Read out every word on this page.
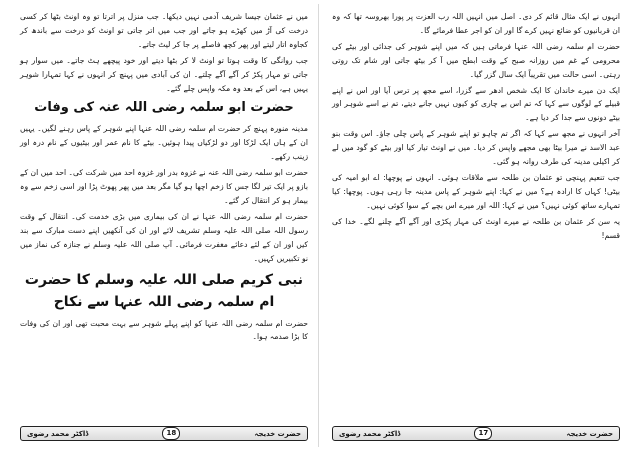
میں نے عثمان جیسا شریف آدمی نہیں دیکھا۔ جب منزل پر اترتا تو وہ اونٹ بٹھا کر کسی درخت کی آڑ میں کھڑے ہو جاتے اور جب میں اتر جاتی تو اونٹ کو درخت سے باندھ کر کجاوہ اتار لیتے اور پھر کچھ فاصلے پر جا کر لیٹ جاتے۔

جب روانگی کا وقت ہوتا تو اونٹ لا کر بٹھا دیتے اور خود پیچھے ہٹ جاتے۔ میں سوار ہو جاتی تو مہار پکڑ کر آگے آگے چلتے۔ ان کی آبادی میں پہنچ کر انہوں نے کہا تمہارا شوہر یہیں ہے، اس کے بعد وہ مکہ واپس چلے گئے۔

حضرت ابو سلمہ رضی اللہ عنہ کی وفات

مدینہ منورہ پہنچ کر حضرت ام سلمہ رضی اللہ عنہا اپنے شوہر کے پاس رہنے لگیں۔ یہیں ان کے ہاں ایک لڑکا اور دو لڑکیاں پیدا ہوئیں۔ بیٹے کا نام عمر اور بیٹیوں کے نام درہ اور زینب رکھے۔

حضرت ابو سلمہ رضی اللہ عنہ نے غزوہ بدر اور غزوہ احد میں شرکت کی۔ احد میں ان کے بازو پر ایک تیر لگا جس کا زخم اچھا ہو گیا مگر بعد میں پھر پھوٹ پڑا اور اسی زخم سے وہ بیمار ہو کر انتقال کر گئے۔

حضرت ام سلمہ رضی اللہ عنہا نے ان کی بیماری میں بڑی خدمت کی۔ انتقال کے وقت رسول اللہ صلی اللہ علیہ وسلم تشریف لائے اور ان کی آنکھیں اپنے دست مبارک سے بند کیں اور ان کے لئے دعائے مغفرت فرمائی۔ آپ صلی اللہ علیہ وسلم نے جنازہ کی نماز میں نو تکبیریں کہیں۔

نبی کریم صلی اللہ علیہ وسلم کا حضرت ام سلمہ رضی اللہ عنہا سے نکاح

حضرت ام سلمہ رضی اللہ عنہا کو اپنے پہلے شوہر سے بہت محبت تھی اور ان کی وفات کا بڑا صدمہ ہوا۔

ڈاکٹر محمد رضوی	18	حضرت خدیجہ

انہوں نے ایک مثال قائم کر دی۔ اصل میں انہیں اللہ رب العزت پر پورا بھروسہ تھا کہ وہ ان قربانیوں کو ضائع نہیں کرے گا اور ان کو اجر عطا فرمائے گا۔

حضرت ام سلمہ رضی اللہ عنہا فرماتی ہیں کہ میں اپنے شوہر کی جدائی اور بیٹے کی محرومی کے غم میں روزانہ صبح کے وقت ابطح میں آ کر بیٹھ جاتی اور شام تک روتی رہتی۔ اسی حالت میں تقریباً ایک سال گزر گیا۔

ایک دن میرے خاندان کا ایک شخص ادھر سے گزرا، اسے مجھ پر ترس آیا اور اس نے اپنے قبیلے کے لوگوں سے کہا کہ تم اس بے چاری کو کیوں نہیں جانے دیتے، تم نے اسے شوہر اور بیٹے دونوں سے جدا کر دیا ہے۔

آخر انہوں نے مجھ سے کہا کہ اگر تم چاہو تو اپنے شوہر کے پاس چلی جاؤ۔ اس وقت بنو عبد الاسد نے میرا بیٹا بھی مجھے واپس کر دیا۔ میں نے اونٹ تیار کیا اور بیٹے کو گود میں لے کر اکیلی مدینہ کی طرف روانہ ہو گئی۔

جب تنعیم پہنچی تو عثمان بن طلحہ سے ملاقات ہوئی۔ انہوں نے پوچھا: اے ابو امیہ کی بیٹی! کہاں کا ارادہ ہے؟ میں نے کہا: اپنے شوہر کے پاس مدینہ جا رہی ہوں۔ پوچھا: کیا تمہارے ساتھ کوئی نہیں؟ میں نے کہا: اللہ اور میرے اس بچے کے سوا کوئی نہیں۔

یہ سن کر عثمان بن طلحہ نے میرے اونٹ کی مہار پکڑی اور آگے آگے چلنے لگے۔ خدا کی قسم!

ڈاکٹر محمد رضوی	17	حضرت خدیجہ
